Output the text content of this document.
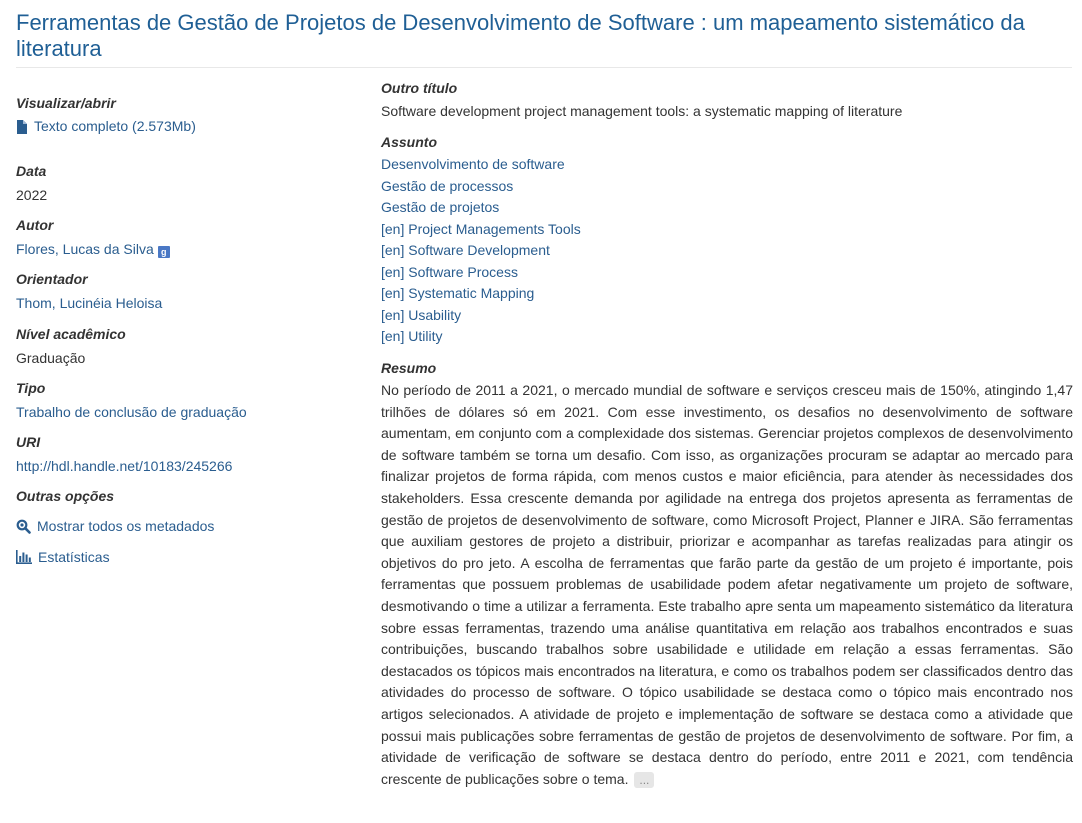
Ferramentas de Gestão de Projetos de Desenvolvimento de Software : um mapeamento sistemático da literatura
Visualizar/abrir
Texto completo (2.573Mb)
Data
2022
Autor
Flores, Lucas da Silva g
Orientador
Thom, Lucinéia Heloisa
Nível acadêmico
Graduação
Tipo
Trabalho de conclusão de graduação
URI
http://hdl.handle.net/10183/245266
Outras opções
Mostrar todos os metadados
Estatísticas
Outro título
Software development project management tools: a systematic mapping of literature
Assunto
Desenvolvimento de software
Gestão de processos
Gestão de projetos
[en] Project Managements Tools
[en] Software Development
[en] Software Process
[en] Systematic Mapping
[en] Usability
[en] Utility
Resumo
No período de 2011 a 2021, o mercado mundial de software e serviços cresceu mais de 150%, atingindo 1,47 trilhões de dólares só em 2021. Com esse investimento, os desafios no desenvolvimento de software aumentam, em conjunto com a complexidade dos sistemas. Gerenciar projetos complexos de desenvolvimento de software também se torna um desafio. Com isso, as organizações procuram se adaptar ao mercado para finalizar projetos de forma rápida, com menos custos e maior eficiência, para atender às necessidades dos stakeholders. Essa crescente demanda por agilidade na entrega dos projetos apresenta as ferramentas de gestão de projetos de desenvolvimento de software, como Microsoft Project, Planner e JIRA. São ferramentas que auxiliam gestores de projeto a distribuir, priorizar e acompanhar as tarefas realizadas para atingir os objetivos do pro jeto. A escolha de ferramentas que farão parte da gestão de um projeto é importante, pois ferramentas que possuem problemas de usabilidade podem afetar negativamente um projeto de software, desmotivando o time a utilizar a ferramenta. Este trabalho apre senta um mapeamento sistemático da literatura sobre essas ferramentas, trazendo uma análise quantitativa em relação aos trabalhos encontrados e suas contribuições, buscando trabalhos sobre usabilidade e utilidade em relação a essas ferramentas. São destacados os tópicos mais encontrados na literatura, e como os trabalhos podem ser classificados dentro das atividades do processo de software. O tópico usabilidade se destaca como o tópico mais encontrado nos artigos selecionados. A atividade de projeto e implementação de software se destaca como a atividade que possui mais publicações sobre ferramentas de gestão de projetos de desenvolvimento de software. Por fim, a atividade de verificação de software se destaca dentro do período, entre 2011 e 2021, com tendência crescente de publicações sobre o tema. ...
